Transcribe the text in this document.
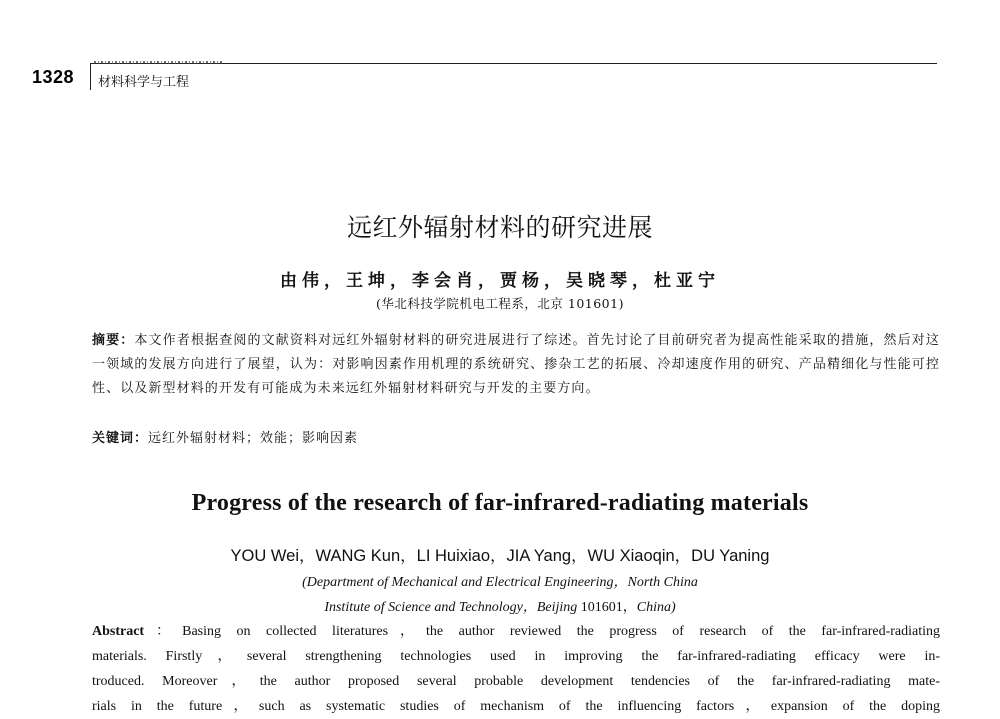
1328 材料科学与工程
远红外辐射材料的研究进展
由伟，王坤，李会肖，贾杨，吴晓琴，杜亚宁
(华北科技学院机电工程系，北京 101601)
摘要：本文作者根据查阅的文献资料对远红外辐射材料的研究进展进行了综述。首先讨论了目前研究者为提高性能采取的措施，然后对这一领域的发展方向进行了展望，认为：对影响因素作用机理的系统研究、掺杂工艺的拓展、冷却速度作用的研究、产品精细化与性能可控性、以及新型材料的开发有可能成为未来远红外辐射材料研究与开发的主要方向。
关键词：远红外辐射材料；效能；影响因素
Progress of the research of far-infrared-radiating materials
YOU Wei，WANG Kun，LI Huixiao，JIA Yang，WU Xiaoqin，DU Yaning
(Department of Mechanical and Electrical Engineering，North China
Institute of Science and Technology，Beijing 101601，China)
Abstract：Basing on collected literatures，the author reviewed the progress of research of the far-infrared-radiating
materials. Firstly，several strengthening technologies used in improving the far-infrared-radiating efficacy were in-
troduced. Moreover，the author proposed several probable development tendencies of the far-infrared-radiating mate-
rials in the future，such as systematic studies of mechanism of the influencing factors，expansion of the doping
